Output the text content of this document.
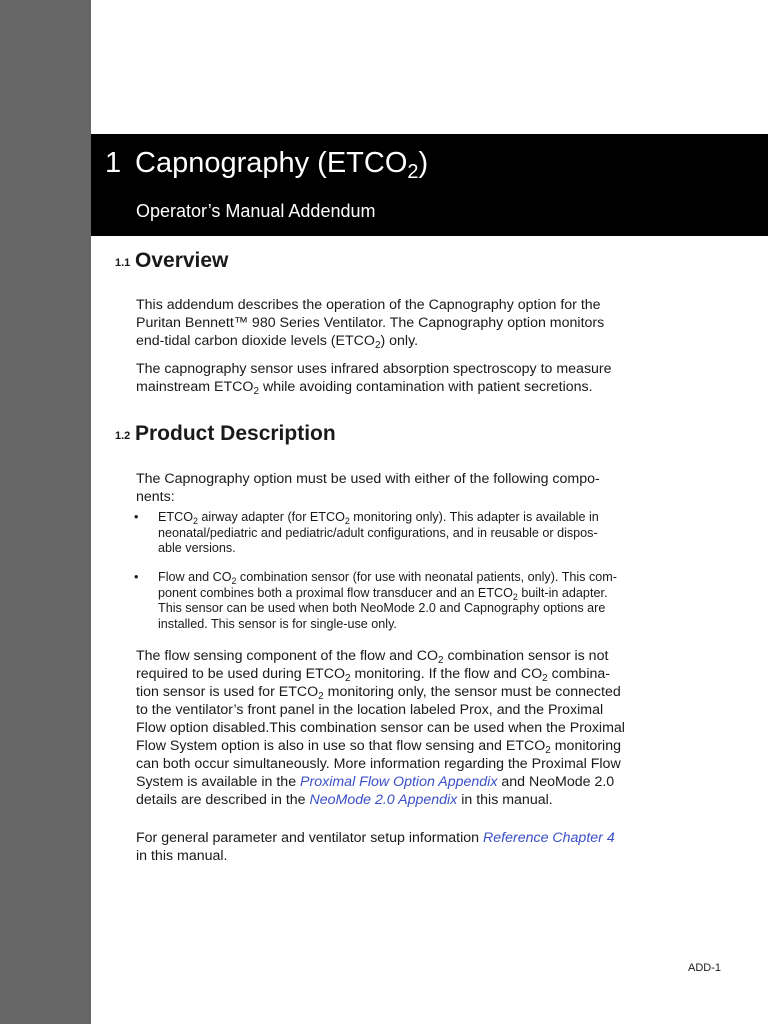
1 Capnography $(ETCO_2)$
Operator’s Manual Addendum
1.1 Overview

This addendum describes the operation of the Capnography option for the
Puritan Bennett™ 980 Series Ventilator. The Capnography option monitors
end-tidal carbon dioxide levels $(ETCO_2)$ only.

The capnography sensor uses infrared absorption spectroscopy to measure
mainstream $ETCO_2$ while avoiding contamination with patient secretions.

1.2 Product Description

The Capnography option must be used with either of the following compo-
nents:

• $ETCO_2$ airway adapter (for $ETCO_2$ monitoring only). This adapter is available in
neonatal/pediatric and pediatric/adult configurations, and in reusable or dispos-
able versions.
• Flow and $CO_2$ combination sensor (for use with neonatal patients, only). This com-
ponent combines both a proximal flow transducer and an $ETCO_2$ built-in adapter.
This sensor can be used when both NeoMode 2.0 and Capnography options are
installed. This sensor is for single-use only.

The flow sensing component of the flow and $CO_2$ combination sensor is not
required to be used during $ETCO_2$ monitoring. If the flow and $CO_2$ combina-
tion sensor is used for $ETCO_2$ monitoring only, the sensor must be connected
to the ventilator’s front panel in the location labeled Prox, and the Proximal
Flow option disabled.This combination sensor can be used when the Proximal
Flow System option is also in use so that flow sensing and $ETCO_2$ monitoring
can both occur simultaneously. More information regarding the Proximal Flow
System is available in the Proximal Flow Option Appendix and NeoMode 2.0
details are described in the NeoMode 2.0 Appendix in this manual.

For general parameter and ventilator setup information Reference Chapter 4
in this manual.

ADD-1
